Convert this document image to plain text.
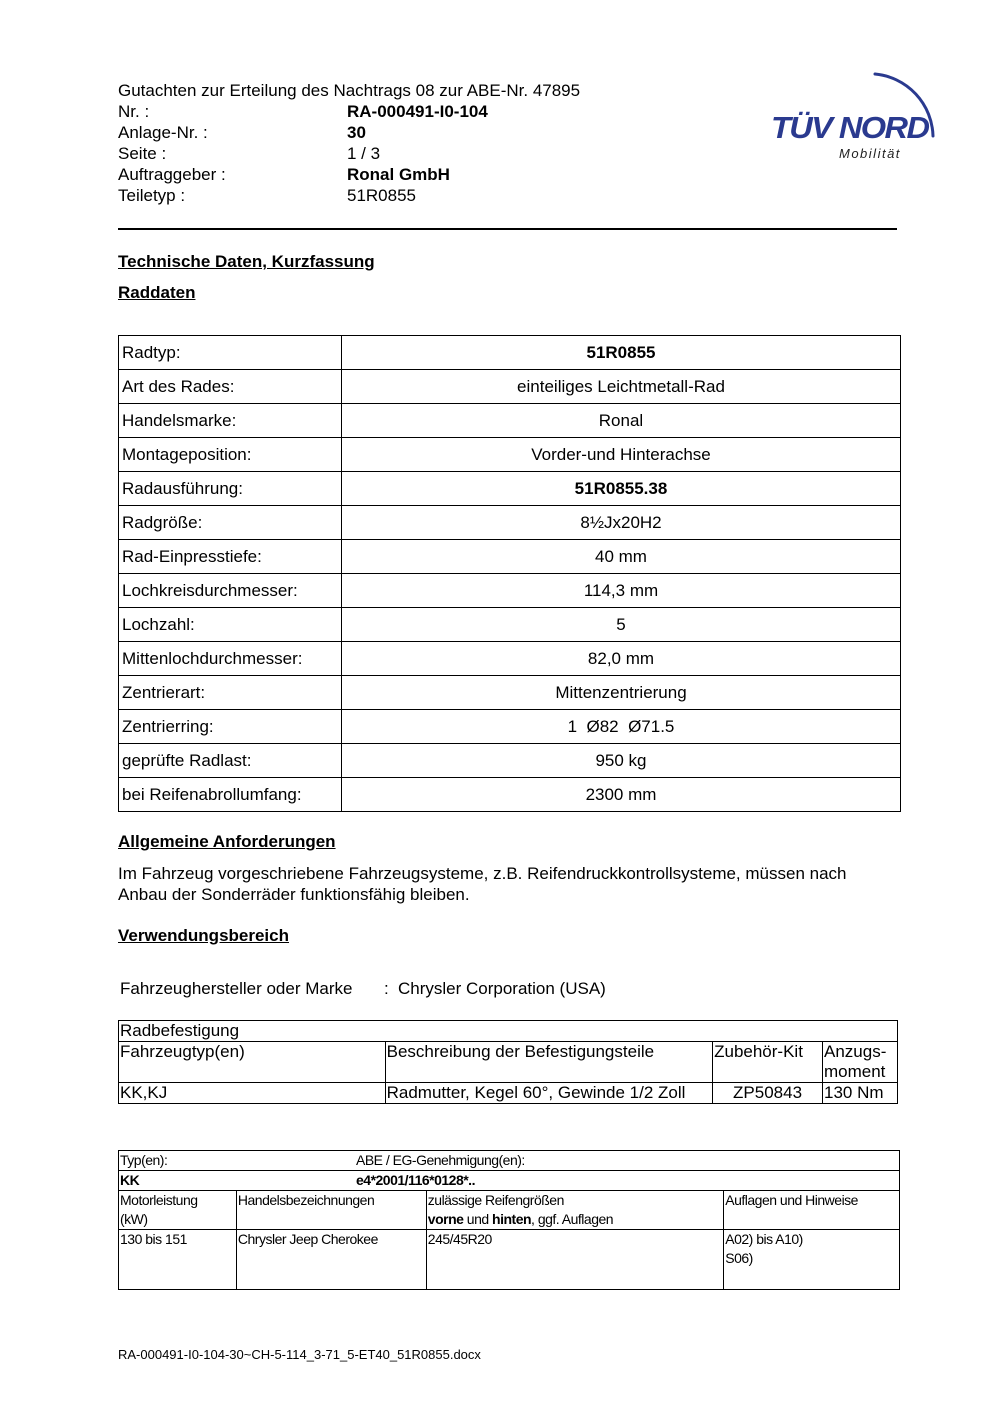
Gutachten zur Erteilung des Nachtrags 08 zur ABE-Nr. 47895
Nr. :	RA-000491-I0-104
Anlage-Nr. :	30
Seite :	1 / 3
Auftraggeber :	Ronal GmbH
Teiletyp :	51R0855
TÜV NORD
Mobilität
Technische Daten, Kurzfassung
Raddaten
Radtyp:	51R0855
Art des Rades:	einteiliges Leichtmetall-Rad
Handelsmarke:	Ronal
Montageposition:	Vorder-und Hinterachse
Radausführung:	51R0855.38
Radgröße:	8½Jx20H2
Rad-Einpresstiefe:	40 mm
Lochkreisdurchmesser:	114,3 mm
Lochzahl:	5
Mittenlochdurchmesser:	82,0 mm
Zentrierart:	Mittenzentrierung
Zentrierring:	1  Ø82  Ø71.5
geprüfte Radlast:	950 kg
bei Reifenabrollumfang:	2300 mm
Allgemeine Anforderungen
Im Fahrzeug vorgeschriebene Fahrzeugsysteme, z.B. Reifendruckkontrollsysteme, müssen nach Anbau der Sonderräder funktionsfähig bleiben.
Verwendungsbereich
Fahrzeughersteller oder Marke : Chrysler Corporation (USA)
Radbefestigung			
Fahrzeugtyp(en)	Beschreibung der Befestigungsteile	Zubehör-Kit	Anzugs-
moment
KK,KJ	Radmutter, Kegel 60°, Gewinde 1/2 Zoll	ZP50843	130 Nm
Typ(en): ABE / EG-Genehmigung(en):			

KK e4*2001/116*0128*..			

Motorleistung
(kW)	Handelsbezeichnungen	zulässige Reifengrößen
vorne und hinten, ggf. Auflagen	Auflagen und Hinweise
130 bis 151	Chrysler Jeep Cherokee	245/45R20	A02) bis A10)
S06)
RA-000491-I0-104-30~CH-5-114_3-71_5-ET40_51R0855.docx
